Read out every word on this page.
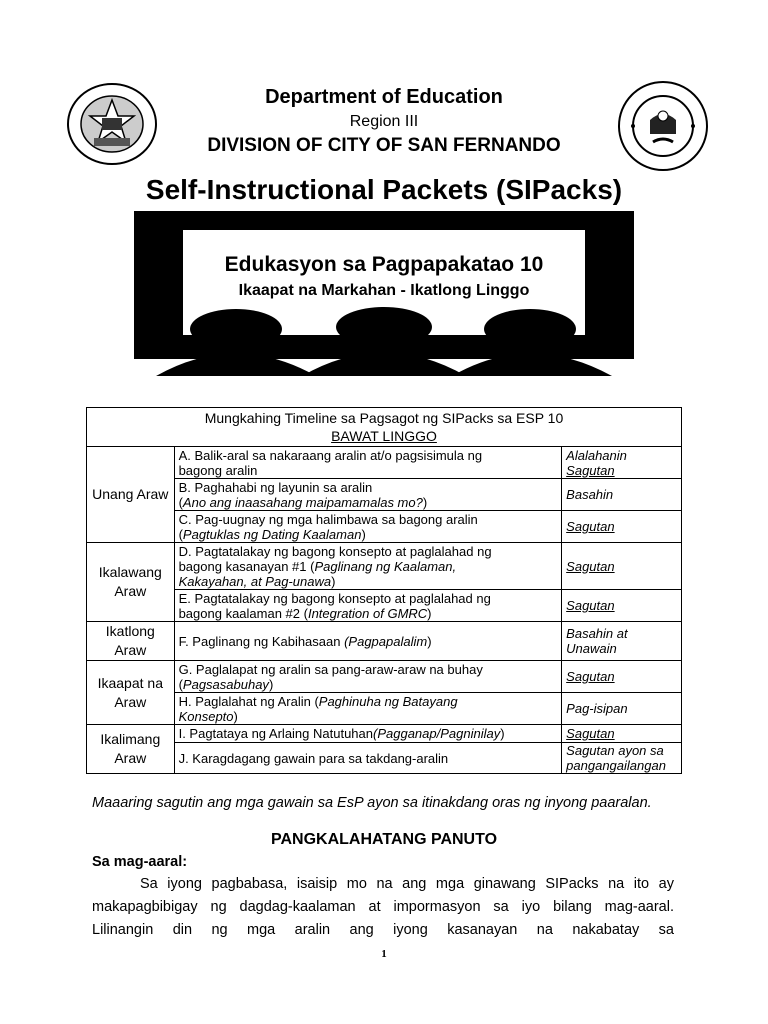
Department of Education
Region III
DIVISION OF CITY OF SAN FERNANDO
Self-Instructional Packets (SIPacks)
Edukasyon sa Pagpapakatao 10
Ikaapat na Markahan - Ikatlong Linggo
Mungkahing Timeline sa Pagsagot ng SIPacks sa ESP 10
BAWAT LINGGO		

Unang Araw	A. Balik-aral sa nakaraang aralin at/o pagsisimula ng
bagong aralin	Alalahanin
Sagutan
	B. Paghahabi ng layunin sa aralin
(Ano ang inaasahang maipamamalas mo?)	Basahin
	C. Pag-uugnay ng mga halimbawa sa bagong aralin
(Pagtuklas ng Dating Kaalaman)	Sagutan
Ikalawang Araw	D. Pagtatalakay ng bagong konsepto at paglalahad ng
bagong kasanayan #1 (Paglinang ng Kaalaman,
Kakayahan, at Pag-unawa)	Sagutan
	E. Pagtatalakay ng bagong konsepto at paglalahad ng
bagong kaalaman #2 (Integration of GMRC)	Sagutan
Ikatlong Araw	F. Paglinang ng Kabihasaan (Pagpapalalim)	Basahin at
Unawain
Ikaapat na Araw	G. Paglalapat ng aralin sa pang-araw-araw na buhay
(Pagsasabuhay)	Sagutan
	H. Paglalahat ng Aralin (Paghinuha ng Batayang
Konsepto)	Pag-isipan
Ikalimang Araw	I. Pagtataya ng Arlaing Natutuhan(Pagganap/Pagninilay)	Sagutan
	J. Karagdagang gawain para sa takdang-aralin	Sagutan ayon sa
pangangailangan
Maaaring sagutin ang mga gawain sa EsP ayon sa itinakdang oras ng inyong paaralan.
PANGKALAHATANG PANUTO
Sa mag-aaral:
Sa iyong pagbabasa, isaisip mo na ang mga ginawang SIPacks na ito ay
makapagbibigay ng dagdag-kaalaman at impormasyon sa iyo bilang mag-aaral.
Lilinangin din ng mga aralin ang iyong kasanayan na nakabatay sa
1
